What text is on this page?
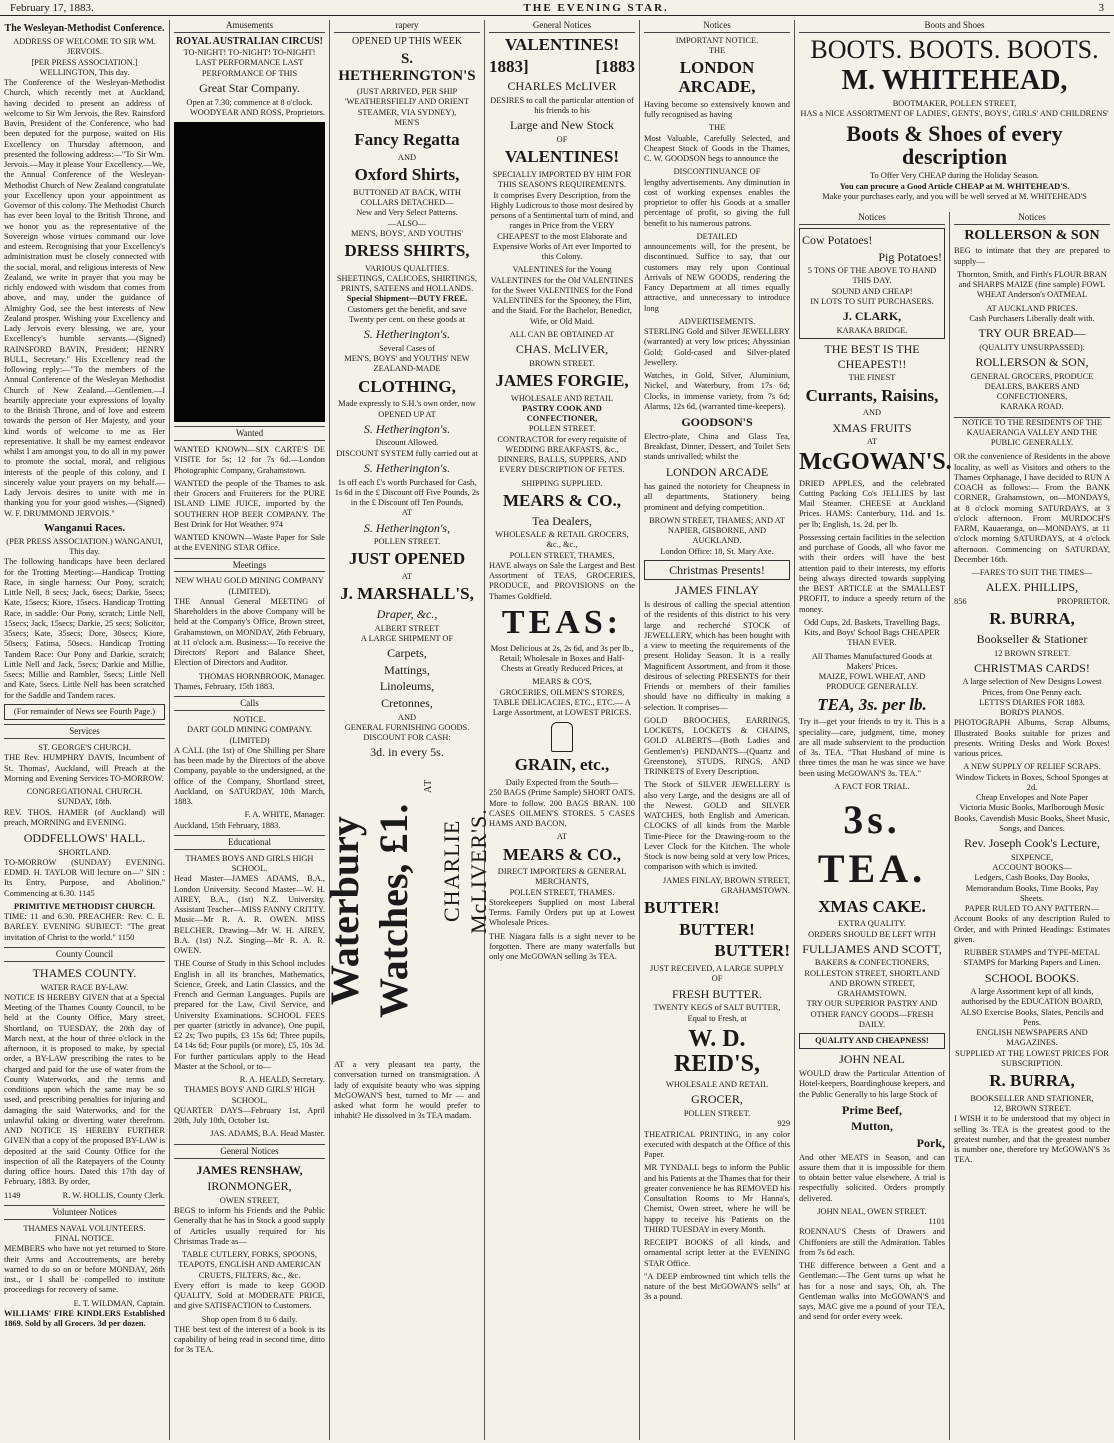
February 17, 1883.	THE EVENING STAR.	3
The Wesleyan-Methodist Conference.
ADDRESS OF WELCOME TO SIR WM. JERVOIS.
[PER PRESS ASSOCIATION.] WELLINGTON, This day.

The Conference of the Wesleyan-Methodist Church, which recently met at Auckland, having decided to present an address of welcome to Sir Wm Jervois, the Rev. Rainsford Bavin, President of the Conference, who had been deputed for the purpose, waited on His Excellency on Thursday afternoon, and presented the following address:—"To Sir Wm. Jervois.—May it please Your Excellency.—We, the Annual Conference of the Wesleyan-Methodist Church of New Zealand congratulate your Excellency upon your appointment as Governor of this colony. The Methodist Church has ever been loyal to the British Throne, and we honor you as the representative of the Sovereign whose virtues command our love and esteem. Recognising that your Excellency's administration must be closely connected with the social, moral, and religious interests of New Zealand, we write in prayer that you may be richly endowed with wisdom that comes from above, and may, under the guidance of Almighty God, see the best interests of New Zealand prosper. Wishing your Excellency and Lady Jervois every blessing, we are, your Excellency's humble servants.—(Signed) RAINSFORD BAVIN, President; HENRY BULL, Secretary." His Excellency read the following reply:—"To the members of the Annual Conference of the Wesleyan Methodist Church of New Zealand.—Gentlemen.—I heartily appreciate your expressions of loyalty to the British Throne, and of love and esteem towards the person of Her Majesty, and your kind words of welcome to me as Her representative. It shall be my earnest endeavor whilst I am amongst you, to do all in my power to promote the social, moral, and religious interests of the people of this colony, and I sincerely value your prayers on my behalf.—Lady Jervois desires to unite with me in thanking you for your good wishes.—(Signed) W. F. DRUMMOND JERVOIS."

Wanganui Races.
(PER PRESS ASSOCIATION.) WANGANUI, This day.

The following handicaps have been declared for the Trotting Meeting:—Handicap Trotting Race, in single harness: Our Pony, scratch; Little Nell, 8 secs; Jack, 6secs; Darkie, 5secs; Kate, 15secs; Kiore, 15secs. Handicap Trotting Race, in saddle: Our Pony, scratch; Little Nell, 15secs; Jack, 15secs; Darkie, 25 secs; Solicitor, 35secs; Kate, 35secs; Dore, 30secs; Kiore, 50secs; Fatima, 50secs. Handicap Trotting Tandem Race: Our Pony and Darkie, scratch; Little Nell and Jack, 5secs; Darkie and Millie, 5secs; Millie and Rambler, 5secs; Little Nell and Kate, 5secs. Little Nell has been scratched for the Saddle and Tandem races.

(For remainder of News see Fourth Page.)
Services
ST. GEORGE'S CHURCH.

THE Rev. HUMPHRY DAVIS, Incumbent of St. Thomas', Auckland, will Preach at the Morning and Evening Services TO-MORROW.

CONGREGATIONAL CHURCH.
SUNDAY, 18th.

REV. THOS. HAMER (of Auckland) will preach, MORNING and EVENING.

ODDFELLOWS' HALL.
SHORTLAND.

TO-MORROW (SUNDAY) EVENING. EDMD. H. TAYLOR Will lecture on—" SIN : Its Entry, Purpose, and Abolition." Commencing at 6.30. 1145

PRIMITIVE METHODIST CHURCH.

TIME: 11 and 6.30. PREACHER: Rev. C. E. BARLEY. EVENING SUBJECT: "The great invitation of Christ to the world." 1150

County Council
THAMES COUNTY.
WATER RACE BY-LAW.

NOTICE IS HEREBY GIVEN that at a Special Meeting of the Thames County Council, to be held at the County Office, Mary street, Shortland, on TUESDAY, the 20th day of March next, at the hour of three o'clock in the afternoon, it is proposed to make, by special order, a BY-LAW prescribing the rates to be charged and paid for the use of water from the County Waterworks, and the terms and conditions upon which the same may be so used, and prescribing penalties for injuring and damaging the said Waterworks, and for the unlawful taking or diverting water therefrom. AND NOTICE IS HEREBY FURTHER GIVEN that a copy of the proposed BY-LAW is deposited at the said County Office for the inspection of all the Ratepayers of the County during office hours. Dated this 17th day of February, 1883. By order,

1149	R. W. HOLLIS, County Clerk.
Volunteer Notices
THAMES NAVAL VOLUNTEERS.
FINAL NOTICE.

MEMBERS who have not yet returned to Store their Arms and Accoutrements, are hereby warned to do so on or before MONDAY, 26th inst., or I shall be compelled to institute proceedings for recovery of same.

E. T. WILDMAN, Captain.

WILLIAMS' FIRE KINDLERS Established 1869. Sold by all Grocers. 3d per dozen.

Amusements
ROYAL AUSTRALIAN CIRCUS!
TO-NIGHT! TO-NIGHT! TO-NIGHT!
LAST PERFORMANCE LAST PERFORMANCE OF THIS
Great Star Company.
Open at 7.30; commence at 8 o'clock.
WOODYEAR AND ROSS, Proprietors.
Wanted

WANTED KNOWN—SIX CARTE'S DE VISITE for 5s; 12 for 7s 6d.—London Photographic Company, Grahamstown.

WANTED the people of the Thames to ask their Grocers and Fruiterers for the PURE ISLAND LIME JUICE, imported by the SOUTHERN HOP BEER COMPANY. The Best Drink for Hot Weather. 974

WANTED KNOWN—Waste Paper for Sale at the EVENING STAR Office.

Meetings
NEW WHAU GOLD MINING COMPANY (LIMITED).

THE Annual General MEETING of Shareholders in the above Company will be held at the Company's Office, Brown street, Grahamstown, on MONDAY, 26th February, at 11 o'clock a.m. Business:—To receive the Directors' Report and Balance Sheet, Election of Directors and Auditor.

THOMAS HORNBROOK, Manager.
Thames, February, 15th 1883.
Calls
NOTICE.
DART GOLD MINING COMPANY. (LIMITED)

A CALL (the 1st) of One Shilling per Share has been made by the Directors of the above Company, payable to the undersigned, at the office of the Company, Shortland street, Auckland, on SATURDAY, 10th March, 1883.

F. A. WHITE, Manager.
Auckland, 15th February, 1883.
Educational
THAMES BOYS AND GIRLS HIGH SCHOOL.

Head Master—JAMES ADAMS, B.A., London University. Second Master—W. H. AIREY, B.A., (1st) N.Z. University. Assistant Teacher—MISS FANNY CRITTY. Music—Mr R. A. R. OWEN. MISS BELCHER. Drawing—Mr W. H. AIREY, B.A. (1st) N.Z. Singing—Mr R. A. R. OWEN.

THE Course of Study in this School includes English in all its branches, Mathematics, Science, Greek, and Latin Classics, and the French and German Languages. Pupils are prepared for the Law, Civil Service, and University Examinations. SCHOOL FEES per quarter (strictly in advance), One pupil, £2 2s; Two pupils, £3 15s 6d; Three pupils, £4 14s 6d; Four pupils (or more), £5, 10s 3d. For further particulars apply to the Head Master at the School, or to—

R. A. HEALD, Secretary.
THAMES BOYS' AND GIRLS' HIGH SCHOOL.

QUARTER DAYS—February 1st, April 20th, July 10th, October 1st.

JAS. ADAMS, B.A. Head Master.
General Notices
JAMES RENSHAW,
IRONMONGER,
OWEN STREET,

BEGS to inform his Friends and the Public Generally that he has in Stock a good supply of Articles usually required for his Christmas Trade as—

TABLE CUTLERY, FORKS, SPOONS, TEAPOTS, ENGLISH AND AMERICAN CRUETS, FILTERS, &c., &c.

Every effort is made to keep GOOD QUALITY, Sold at MODERATE PRICE, and give SATISFACTION to Customers.

Shop open from 8 to 6 daily.

THE best test of the interest of a book is its capability of being read in second time, ditto for 3s TEA.

rapery
OPENED UP THIS WEEK
S. HETHERINGTON'S
(JUST ARRIVED, PER SHIP 'WEATHERSFIELD' AND ORIENT STEAMER, VIA SYDNEY),
MEN'S
Fancy Regatta
AND
Oxford Shirts,
BUTTONED AT BACK, WITH COLLARS DETACHED—
New and Very Select Patterns.
—ALSO—
MEN'S, BOYS', AND YOUTHS'
DRESS SHIRTS,
VARIOUS QUALITIES.
SHEETINGS, CALICOES, SHIRTINGS, PRINTS, SATEENS and HOLLANDS.
Special Shipment—DUTY FREE.
Customers get the benefit, and save Twenty per cent. on these goods at
S. Hetherington's.
Several Cases of
MEN'S, BOYS' and YOUTHS' NEW ZEALAND-MADE
CLOTHING,
Made expressly to S.H.'s own order, now OPENED UP AT
S. Hetherington's.
Discount Allowed.
DISCOUNT SYSTEM fully carried out at
S. Hetherington's.
1s off each £'s worth Purchased for Cash, 1s 6d in the £ Discount off Five Pounds, 2s in the £ Discount off Ten Pounds,
AT
S. Hetherington's,
POLLEN STREET.
JUST OPENED
AT
J. MARSHALL'S,
Draper, &c.,
ALBERT STREET
A LARGE SHIPMENT OF
Carpets,
Mattings,
Linoleums,
Cretonnes,
AND
GENERAL FURNISHING GOODS.
DISCOUNT FOR CASH:
3d. in every 5s.
Waterbury Watches, £1.
AT
CHARLIE McLIVER'S.

AT a very pleasant tea party, the conversation turned on transmigration. A lady of exquisite beauty who was sipping McGOWAN'S best, turned to Mr — and asked what form he would prefer to inhabit? He dissolved in 3s TEA madam.

General Notices
VALENTINES!
1883]	[1883
CHARLES McLIVER
DESIRES to call the particular attention of his friends to his
Large and New Stock
OF
VALENTINES!
SPECIALLY IMPORTED BY HIM FOR THIS SEASON'S REQUIREMENTS.

It comprises Every Description, from the Highly Ludicrous to those most desired by persons of a Sentimental turn of mind, and ranges in Price from the VERY CHEAPEST to the most Elaborate and Expensive Works of Art ever Imported to this Colony.

VALENTINES for the Young VALENTINES for the Old VALENTINES for the Sweet VALENTINES for the Fond VALENTINES for the Spooney, the Flirt, and the Staid. For the Bachelor, Benedict, Wife, or Old Maid.

ALL CAN BE OBTAINED AT
CHAS. McLIVER,
BROWN STREET.
JAMES FORGIE,
WHOLESALE AND RETAIL
PASTRY COOK AND CONFECTIONER,
POLLEN STREET.

CONTRACTOR for every requisite of WEDDING BREAKFASTS, &c., DINNERS, BALLS, SUPPERS, AND EVERY DESCRIPTION OF FETES.

SHIPPING SUPPLIED.
MEARS & CO.,
Tea Dealers,
WHOLESALE & RETAIL GROCERS, &c., &c.,
POLLEN STREET, THAMES,

HAVE always on Sale the Largest and Best Assortment of TEAS, GROCERIES, PRODUCE, and PROVISIONS on the Thames Goldfield.

TEAS:

Most Delicious at 2s, 2s 6d, and 3s per lb., Retail; Wholesale in Boxes and Half-Chests at Greatly Reduced Prices, at

MEARS & CO'S,

GROCERIES, OILMEN'S STORES, TABLE DELICACIES, ETC., ETC.— A Large Assortment, at LOWEST PRICES.

GRAIN, etc.,
Daily Expected from the South—

250 BAGS (Prime Sample) SHORT OATS. More to follow. 200 BAGS BRAN. 100 CASES OILMEN'S STORES. 5 CASES HAMS AND BACON,

AT
MEARS & CO.,
DIRECT IMPORTERS & GENERAL MERCHANTS,
POLLEN STREET, THAMES.

Storekeepers Supplied on most Liberal Terms. Family Orders put up at Lowest Wholesale Prices.

THE Niagara falls is a sight never to be forgotten. There are many waterfalls but only one McGOWAN selling 3s TEA.

Notices
IMPORTANT NOTICE.
THE
LONDON ARCADE,

Having become so extensively known and fully recognised as having

THE

Most Valuable, Carefully Selected, and Cheapest Stock of Goods in the Thames, C. W. GOODSON begs to announce the

DISCONTINUANCE OF

lengthy advertisements. Any diminution in cost of working expenses enables the proprietor to offer his Goods at a smaller percentage of profit, so giving the full benefit to his numerous patrons.

DETAILED

announcements will, for the present, be discontinued. Suffice to say, that our customers may rely upon Continual Arrivals of NEW GOODS, rendering the Fancy Department at all times equally attractive, and unnecessary to introduce long

ADVERTISEMENTS.

STERLING Gold and Silver JEWELLERY (warranted) at very low prices; Abyssinian Gold; Gold-cased and Silver-plated Jewellery.

Watches, in Gold, Silver, Aluminium, Nickel, and Waterbury, from 17s 6d; Clocks, in immense variety, from 7s 6d; Alarms, 12s 6d, (warranted time-keepers).

GOODSON'S

Electro-plate, China and Glass Tea, Breakfast, Dinner, Dessert, and Toilet Sets stands unrivalled; whilst the

LONDON ARCADE

has gained the notoriety for Cheapness in all departments, Stationery being prominent and defying competition.

BROWN STREET, THAMES; AND AT NAPIER, GISBORNE, AND AUCKLAND.
London Office: 18, St. Mary Axe.
Christmas Presents!
JAMES FINLAY

Is desirous of calling the special attention of the residents of this district to his very large and recherché STOCK of JEWELLERY, which has been bought with a view to meeting the requirements of the present Holiday Season. It is a really Magnificent Assortment, and from it those desirous of selecting PRESENTS for their Friends or members of their families should have no difficulty in making a selection. It comprises—

GOLD BROOCHES, EARRINGS, LOCKETS, LOCKETS & CHAINS, GOLD ALBERTS—(Both Ladies and Gentlemen's) PENDANTS—(Quartz and Greenstone), STUDS, RINGS, AND TRINKETS of Every Description.

The Stock of SILVER JEWELLERY is also very Large, and the designs are all of the Newest. GOLD and SILVER WATCHES, both English and American. CLOCKS of all kinds from the Marble Time-Piece for the Drawing-room to the Lever Clock for the Kitchen. The whole Stock is now being sold at very low Prices, comparison with which is invited.

JAMES FINLAY, BROWN STREET, GRAHAMSTOWN.
BUTTER!
BUTTER!
BUTTER!
JUST RECEIVED, A LARGE SUPPLY OF
FRESH BUTTER.
TWENTY KEGS of SALT BUTTER, Equal to Fresh, at
W. D. REID'S,
WHOLESALE AND RETAIL
GROCER,
POLLEN STREET.
929

THEATRICAL PRINTING, in any color executed with despatch at the Office of this Paper.

MR TYNDALL begs to inform the Public and his Patients at the Thames that for their greater convenience he has REMOVED his Consultation Rooms to Mr Hanna's, Chemist, Owen street, where he will be happy to receive his Patients on the THIRD TUESDAY in every Month.

RECEIPT BOOKS of all kinds, and ornamental script letter at the EVENING STAR Office.

"A DEEP embrowned tint which tells the nature of the best McGOWAN'S sells" at 3s a pound.

Boots and Shoes
BOOTS. BOOTS. BOOTS.
M. WHITEHEAD,
BOOTMAKER, POLLEN STREET,
HAS a NICE ASSORTMENT OF LADIES', GENTS', BOYS', GIRLS' AND CHILDRENS'
Boots & Shoes of every description
To Offer Very CHEAP during the Holiday Season.
You can procure a Good Article CHEAP at M. WHITEHEAD'S.
Make your purchases early, and you will be well served at M. WHITEHEAD'S
Notices
Cow Potatoes!
Pig Potatoes!
5 TONS OF THE ABOVE TO HAND THIS DAY.
SOUND AND CHEAP!
IN LOTS TO SUIT PURCHASERS.
J. CLARK,
KARAKA BRIDGE.
THE BEST IS THE CHEAPEST!!
THE FINEST
Currants, Raisins,
AND
XMAS FRUITS
AT
McGOWAN'S.

DRIED APPLES, and the celebrated Cutting Packing Co's JELLIES by last Mail Steamer. CHEESE at Auckland Prices. HAMS: Canterbury, 11d. and 1s. per lb; English, 1s. 2d. per lb.

Possessing certain facilities in the selection and purchase of Goods, all who favor me with their orders will have the best attention paid to their interests, my efforts being always directed towards supplying the BEST ARTICLE at the SMALLEST PROFIT, to induce a speedy return of the money.

Odd Cups, 2d. Baskets, Travelling Bags, Kits, and Boys' School Bags CHEAPER THAN EVER.

All Thames Manufactured Goods at Makers' Prices.
MAIZE, FOWL WHEAT, AND PRODUCE GENERALLY.
TEA, 3s. per lb.

Try it—get your friends to try it. This is a speciality—care, judgment, time, money are all made subservient to the production of 3s. TEA. "That Husband of mine is three times the man he was since we have been using McGOWAN'S 3s. TEA."

A FACT FOR TRIAL.
3s. TEA.
XMAS CAKE.
EXTRA QUALITY.
ORDERS SHOULD BE LEFT WITH
FULLJAMES AND SCOTT,
BAKERS & CONFECTIONERS,
ROLLESTON STREET, SHORTLAND AND BROWN STREET, GRAHAMSTOWN.
TRY OUR SUPERIOR PASTRY AND OTHER FANCY GOODS—FRESH DAILY.
QUALITY AND CHEAPNESS!
JOHN NEAL

WOULD draw the Particular Attention of Hotel-keepers, Boardinghouse keepers, and the Public Generally to his large Stock of

Prime Beef,
Mutton,
Pork,

And other MEATS in Season, and can assure them that it is impossible for them to obtain better value elsewhere. A trial is respectfully solicited. Orders promptly delivered.

JOHN NEAL, OWEN STREET.
1101

ROENNAU'S Chests of Drawers and Chiffoniers are still the Admiration. Tables from 7s 6d each.

THE difference between a Gent and a Gentleman:—The Gent turns up what he has for a nose and says, Oh, ah. The Gentleman walks into McGOWAN'S and says, MAC give me a pound of your TEA, and send for order every week.

Notices
ROLLERSON & SON

BEG to intimate that they are prepared to supply—

Thornton, Smith, and Firth's FLOUR BRAN and SHARPS MAIZE (fine sample) FOWL WHEAT Anderson's OATMEAL

AT AUCKLAND PRICES.
Cash Purchasers Liberally dealt with.
TRY OUR BREAD—
(QUALITY UNSURPASSED).
ROLLERSON & SON,
GENERAL GROCERS, PRODUCE DEALERS, BAKERS AND CONFECTIONERS,
KARAKA ROAD.
NOTICE TO THE RESIDENTS OF THE KAUAERANGA VALLEY AND THE PUBLIC GENERALLY.

OR the convenience of Residents in the above locality, as well as Visitors and others to the Thames Orphanage, I have decided to RUN A COACH as follows:— From the BANK CORNER, Grahamstown, on—MONDAYS, at 8 o'clock morning SATURDAYS, at 3 o'clock afternoon. From MURDOCH'S FARM, Kauaeranga, on—MONDAYS, at 11 o'clock morning SATURDAYS, at 4 o'clock afternoon. Commencing on SATURDAY, December 16th.

—FARES TO SUIT THE TIMES—
ALEX. PHILLIPS,
856	PROPRIETOR.
R. BURRA,
Bookseller & Stationer
12 BROWN STREET.
CHRISTMAS CARDS!
A large selection of New Designs Lowest Prices, from One Penny each.
LETTS'S DIARIES FOR 1883.
BORD'S PIANOS.

PHOTOGRAPH Albums, Scrap Albums, Illustrated Books suitable for prizes and presents. Writing Desks and Work Boxes! various prices.

A NEW SUPPLY OF RELIEF SCRAPS.
Window Tickets in Boxes, School Sponges at 2d.
Cheap Envelopes and Note Paper
Victoria Music Books, Marlborough Music Books, Cavendish Music Books, Sheet Music, Songs, and Dances.
Rev. Joseph Cook's Lecture,
SIXPENCE,
ACCOUNT BOOKS—
Ledgers, Cash Books, Day Books, Memorandum Books, Time Books, Pay Sheets.
PAPER RULED TO ANY PATTERN—

Account Books of any description Ruled to Order, and with Printed Headings: Estimates given.

RUBBER STAMPS and TYPE-METAL STAMPS for Marking Papers and Linen.
SCHOOL BOOKS.
A large Assortment kept of all kinds, authorised by the EDUCATION BOARD, ALSO Exercise Books, Slates, Pencils and Pens.
ENGLISH NEWSPAPERS AND MAGAZINES.
SUPPLIED AT THE LOWEST PRICES FOR SUBSCRIPTION.
R. BURRA,
BOOKSELLER AND STATIONER,
12, BROWN STREET.

I WISH it to be understood that my object in selling 3s TEA is the greatest good to the greatest number, and that the greatest number is number one, therefore try McGOWAN'S 3s TEA.
